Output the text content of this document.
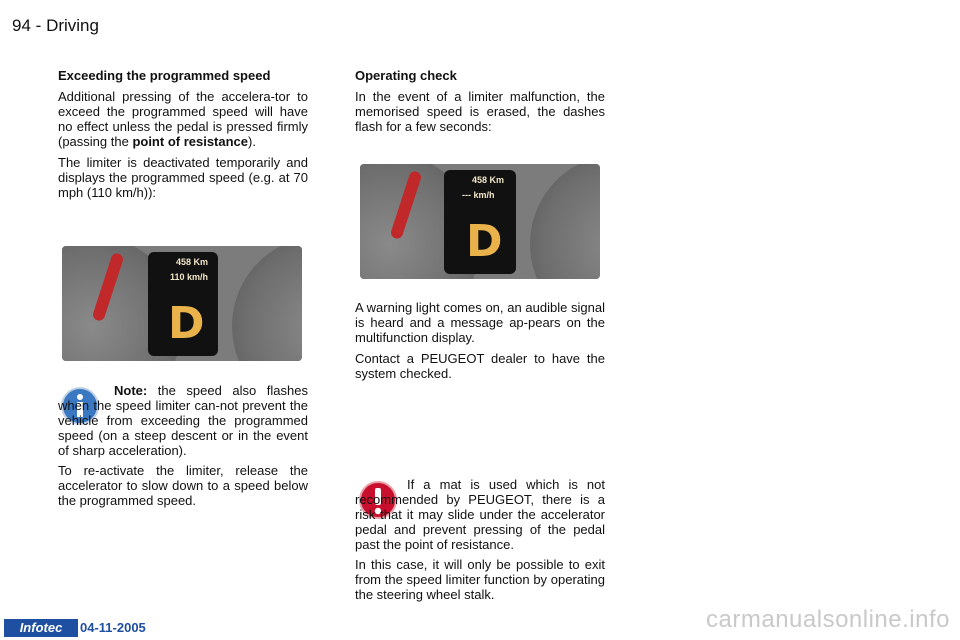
94 - Driving

Exceeding the programmed speed

Additional pressing of the accelera-tor to exceed the programmed speed will have no effect unless the pedal is pressed firmly (passing the point of resistance).

The limiter is deactivated temporarily and displays the programmed speed (e.g. at 70 mph (110 km/h)):

458 Km
110 km/h
D
Note: the speed also flashes when the speed limiter can-not prevent the vehicle from exceeding the programmed speed (on a steep descent or in the event of sharp acceleration).
To re-activate the limiter, release the accelerator to slow down to a speed below the programmed speed.

Operating check

In the event of a limiter malfunction, the memorised speed is erased, the dashes flash for a few seconds:

458 Km
--- km/h
D

A warning light comes on, an audible signal is heard and a message ap-pears on the multifunction display.

Contact a PEUGEOT dealer to have the system checked.

If a mat is used which is not recommended by PEUGEOT, there is a risk that it may slide under the accelerator pedal and prevent pressing of the pedal past the point of resistance.
In this case, it will only be possible to exit from the speed limiter function by operating the steering wheel stalk.
Infotec	04-11-2005	carmanualsonline.info
